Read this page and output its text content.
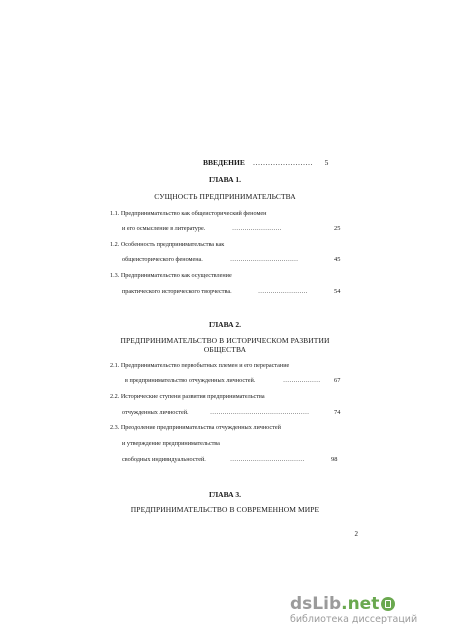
ВВЕДЕНИЕ …………………… 5
ГЛАВА 1.
СУЩНОСТЬ ПРЕДПРИНИМАТЕЛЬСТВА
1.1. Предпринимательство как общеисторический феномен
и его осмысление в литературе.	……………………	25
1.2. Особенность предпринимательства как
общеисторического феномена.	……………………………	45
1.3. Предпринимательство как осуществление
практического исторического творчества.	……………………	54
ГЛАВА 2.
ПРЕДПРИНИМАТЕЛЬСТВО В ИСТОРИЧЕСКОМ РАЗВИТИИ
ОБЩЕСТВА
2.1. Предпринимательство первобытных племен и его перерастание
в предпринимательство отчужденных личностей.	……………… 67
2.2. Исторические ступени развития предпринимательства
отчужденных личностей.	…………………………………………	74
2.3. Преодоление предпринимательства отчужденных личностей
и утверждение предпринимательства
свободных индивидуальностей.	………………………………	98
ГЛАВА 3.
ПРЕДПРИНИМАТЕЛЬСТВО В СОВРЕМЕННОМ МИРЕ
2
dsLib.net
библиотека диссертаций
